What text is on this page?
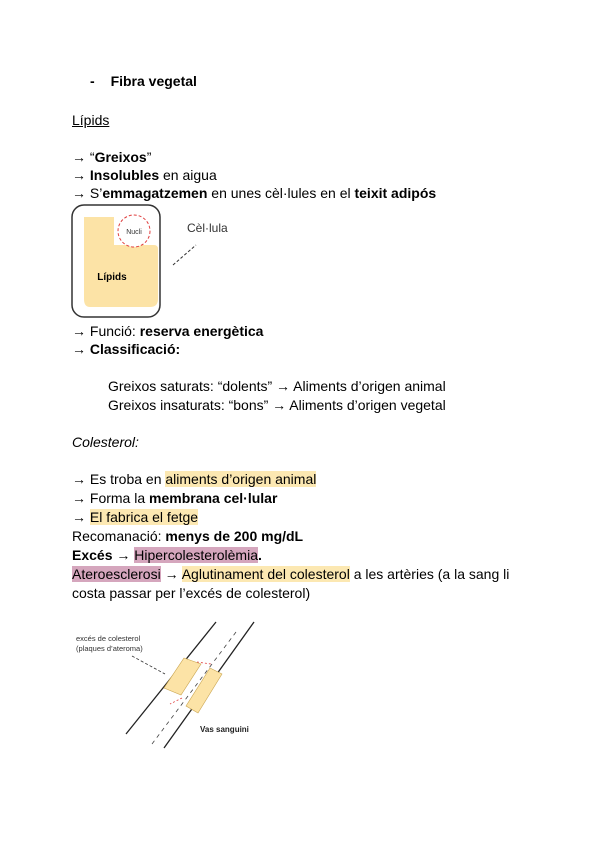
- Fibra vegetal
Lípids
→ “Greixos”
→ Insolubles en aigua
→ S’emmagatzemen en unes cèl·lules en el teixit adipós
Nucli
Lípids
Cèl·lula
→ Funció: reserva energètica
→ Classificació:
Greixos saturats: “dolents” → Aliments d’origen animal
Greixos insaturats: “bons” → Aliments d’origen vegetal
Colesterol:
→ Es troba en aliments d’origen animal
→ Forma la membrana cel·lular
→ El fabrica el fetge
Recomanació: menys de 200 mg/dL
Excés → Hipercolesterolèmia.
Ateroesclerosi → Aglutinament del colesterol a les artèries (a la sang li
costa passar per l’excés de colesterol)
excés de colesterol
(plaques d’ateroma)
Vas sanguini
